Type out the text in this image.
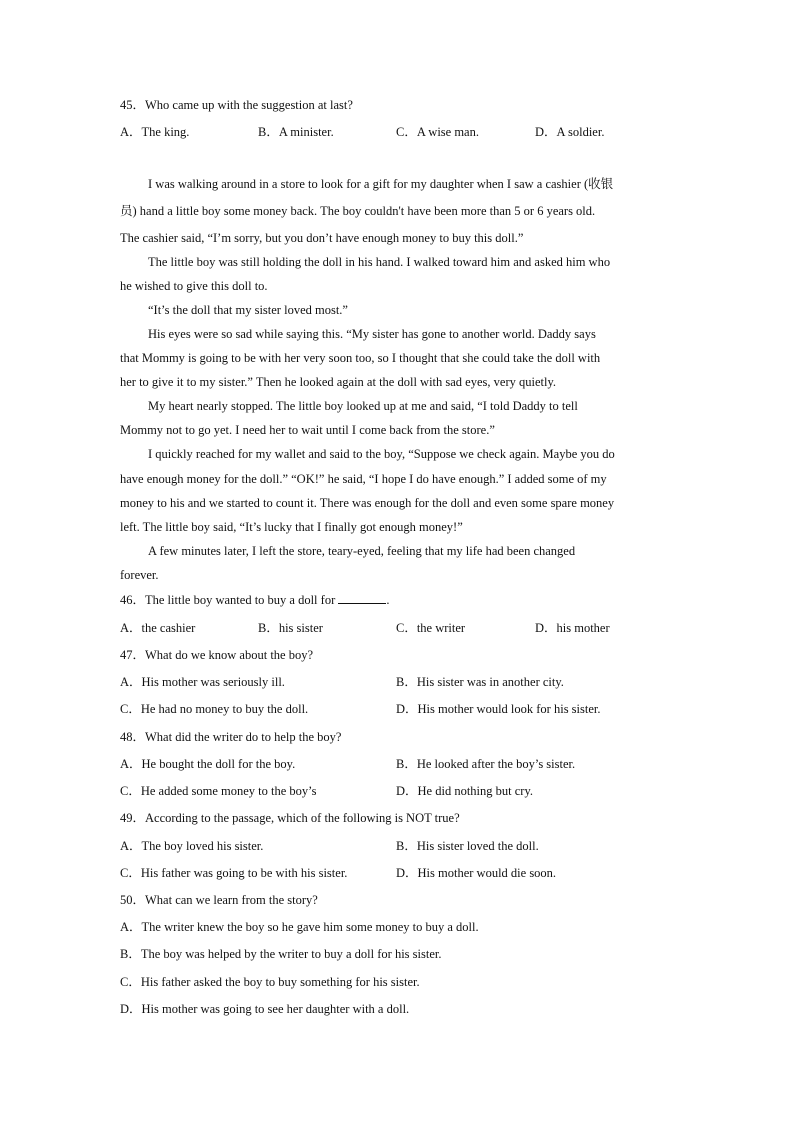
45．Who came up with the suggestion at last?
A．The king.	B．A minister.	C．A wise man.	D．A soldier.
I was walking around in a store to look for a gift for my daughter when I saw a cashier (收银
员) hand a little boy some money back. The boy couldn't have been more than 5 or 6 years old.
The cashier said, “I’m sorry, but you don’t have enough money to buy this doll.”
The little boy was still holding the doll in his hand. I walked toward him and asked him who
he wished to give this doll to.
“It’s the doll that my sister loved most.”
His eyes were so sad while saying this. “My sister has gone to another world. Daddy says
that Mommy is going to be with her very soon too, so I thought that she could take the doll with
her to give it to my sister.” Then he looked again at the doll with sad eyes, very quietly.
My heart nearly stopped. The little boy looked up at me and said, “I told Daddy to tell
Mommy not to go yet. I need her to wait until I come back from the store.”
I quickly reached for my wallet and said to the boy, “Suppose we check again. Maybe you do
have enough money for the doll.” “OK!” he said, “I hope I do have enough.” I added some of my
money to his and we started to count it. There was enough for the doll and even some spare money
left. The little boy said, “It’s lucky that I finally got enough money!”
A few minutes later, I left the store, teary-eyed, feeling that my life had been changed
forever.
46．The little boy wanted to buy a doll for	.
A．the cashier	B．his sister	C．the writer	D．his mother
47．What do we know about the boy?
A．His mother was seriously ill.	B．His sister was in another city.
C．He had no money to buy the doll.	D．His mother would look for his sister.
48．What did the writer do to help the boy?
A．He bought the doll for the boy.	B．He looked after the boy’s sister.
C．He added some money to the boy’s	D．He did nothing but cry.
49．According to the passage, which of the following is NOT true?
A．The boy loved his sister.	B．His sister loved the doll.
C．His father was going to be with his sister.	D．His mother would die soon.
50．What can we learn from the story?
A．The writer knew the boy so he gave him some money to buy a doll.
B．The boy was helped by the writer to buy a doll for his sister.
C．His father asked the boy to buy something for his sister.
D．His mother was going to see her daughter with a doll.
